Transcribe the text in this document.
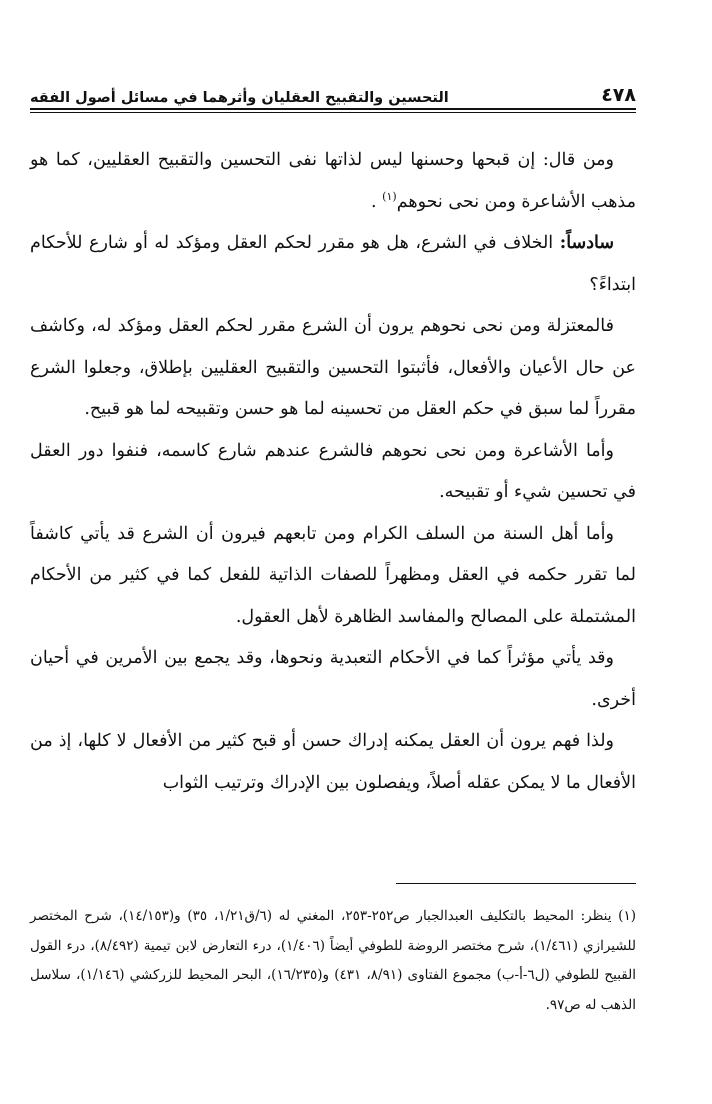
٤٧٨
التحسين والتقبيح العقليان وأثرهما في مسائل أصول الفقه

ومن قال: إن قبحها وحسنها ليس لذاتها نفى التحسين والتقبيح العقليين، كما هو مذهب الأشاعرة ومن نحى نحوهم$^{(١)}$ .

سادساً: الخلاف في الشرع، هل هو مقرر لحكم العقل ومؤكد له أو شارع للأحكام ابتداءً؟

فالمعتزلة ومن نحى نحوهم يرون أن الشرع مقرر لحكم العقل ومؤكد له، وكاشف عن حال الأعيان والأفعال، فأثبتوا التحسين والتقبيح العقليين بإطلاق، وجعلوا الشرع مقرراً لما سبق في حكم العقل من تحسينه لما هو حسن وتقبيحه لما هو قبيح.

وأما الأشاعرة ومن نحى نحوهم فالشرع عندهم شارع كاسمه، فنفوا دور العقل في تحسين شيء أو تقبيحه.

وأما أهل السنة من السلف الكرام ومن تابعهم فيرون أن الشرع قد يأتي كاشفاً لما تقرر حكمه في العقل ومظهراً للصفات الذاتية للفعل كما في كثير من الأحكام المشتملة على المصالح والمفاسد الظاهرة لأهل العقول.

وقد يأتي مؤثراً كما في الأحكام التعبدية ونحوها، وقد يجمع بين الأمرين في أحيان أخرى.

ولذا فهم يرون أن العقل يمكنه إدراك حسن أو قبح كثير من الأفعال لا كلها، إذ من الأفعال ما لا يمكن عقله أصلاً، ويفصلون بين الإدراك وترتيب الثواب

(١) ينظر: المحيط بالتكليف العبدالجبار ص٢٥٢-٢٥٣، المغني له (٦/ق١/٢١، ٣٥) و(١٤/١٥٣)، شرح المختصر للشيرازي (١/٤٦١)، شرح مختصر الروضة للطوفي أيضاً (١/٤٠٦)، درء التعارض لابن تيمية (٨/٤٩٢)، درء القول القبيح للطوفي (ل٦-أ-ب) مجموع الفتاوى (٨/٩١، ٤٣١) و(١٦/٢٣٥)، البحر المحيط للزركشي (١/١٤٦)، سلاسل الذهب له ص٩٧.
